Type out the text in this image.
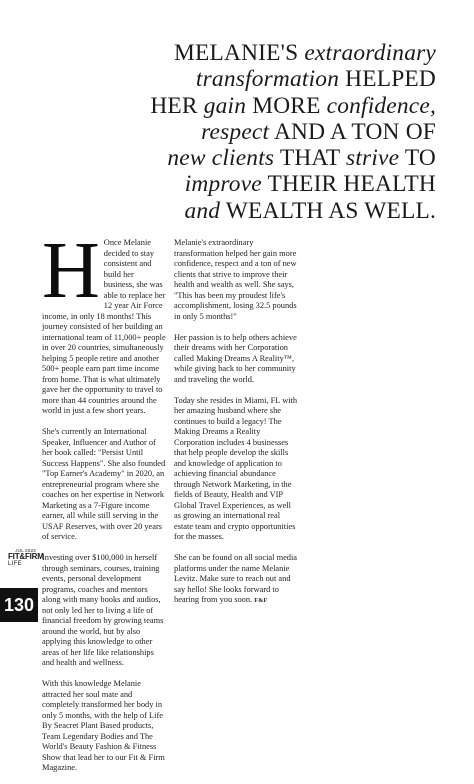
MELANIE'S extraordinary
transformation HELPED
HER gain MORE confidence,
respect AND A TON OF
new clients THAT strive TO
improve THEIR HEALTH
and WEALTH AS WELL.
H Once Melanie decided to stay consistent and build her business, she was able to replace her 12 year Air Force income, in only 18 months! This journey consisted of her building an international team of 11,000+ people in over 20 countries, simultaneously helping 5 people retire and another 500+ people earn part time income from home. That is what ultimately gave her the opportunity to travel to more than 44 countries around the world in just a few short years.

She's currently an International Speaker, Influencer and Author of her book called: "Persist Until Success Happens". She also founded "Top Earner's Academy" in 2020, an entrepreneurial program where she coaches on her expertise in Network Marketing as a 7-Figure income earner, all while still serving in the USAF Reserves, with over 20 years of service.

Investing over $100,000 in herself through seminars, courses, training events, personal development programs, coaches and mentors along with many books and audios, not only led her to living a life of financial freedom by growing teams around the world, but by also applying this knowledge to other areas of her life like relationships and health and wellness.

With this knowledge Melanie attracted her soul mate and completely transformed her body in only 5 months, with the help of Life By Seacret Plant Based products, Team Legendary Bodies and The World's Beauty Fashion & Fitness Show that lead her to our Fit & Firm Magazine.

Melanie's extraordinary transformation helped her gain more confidence, respect and a ton of new clients that strive to improve their health and wealth as well. She says, "This has been my proudest life's accomplishment, losing 32.5 pounds in only 5 months!"

Her passion is to help others achieve their dreams with her Corporation called Making Dreams A Reality™, while giving back to her community and traveling the world.

Today she resides in Miami, FL with her amazing husband where she continues to build a legacy! The Making Dreams a Reality Corporation includes 4 businesses that help people develop the skills and knowledge of application to achieving financial abundance through Network Marketing, in the fields of Beauty, Health and VIP Global Travel Experiences, as well as growing an international real estate team and crypto opportunities for the masses.

She can be found on all social media platforms under the name Melanie Levitz. Make sure to reach out and say hello! She looks forward to hearing from you soon. F&F

JUL 2022
FIT&FIRM
LIFE
130
